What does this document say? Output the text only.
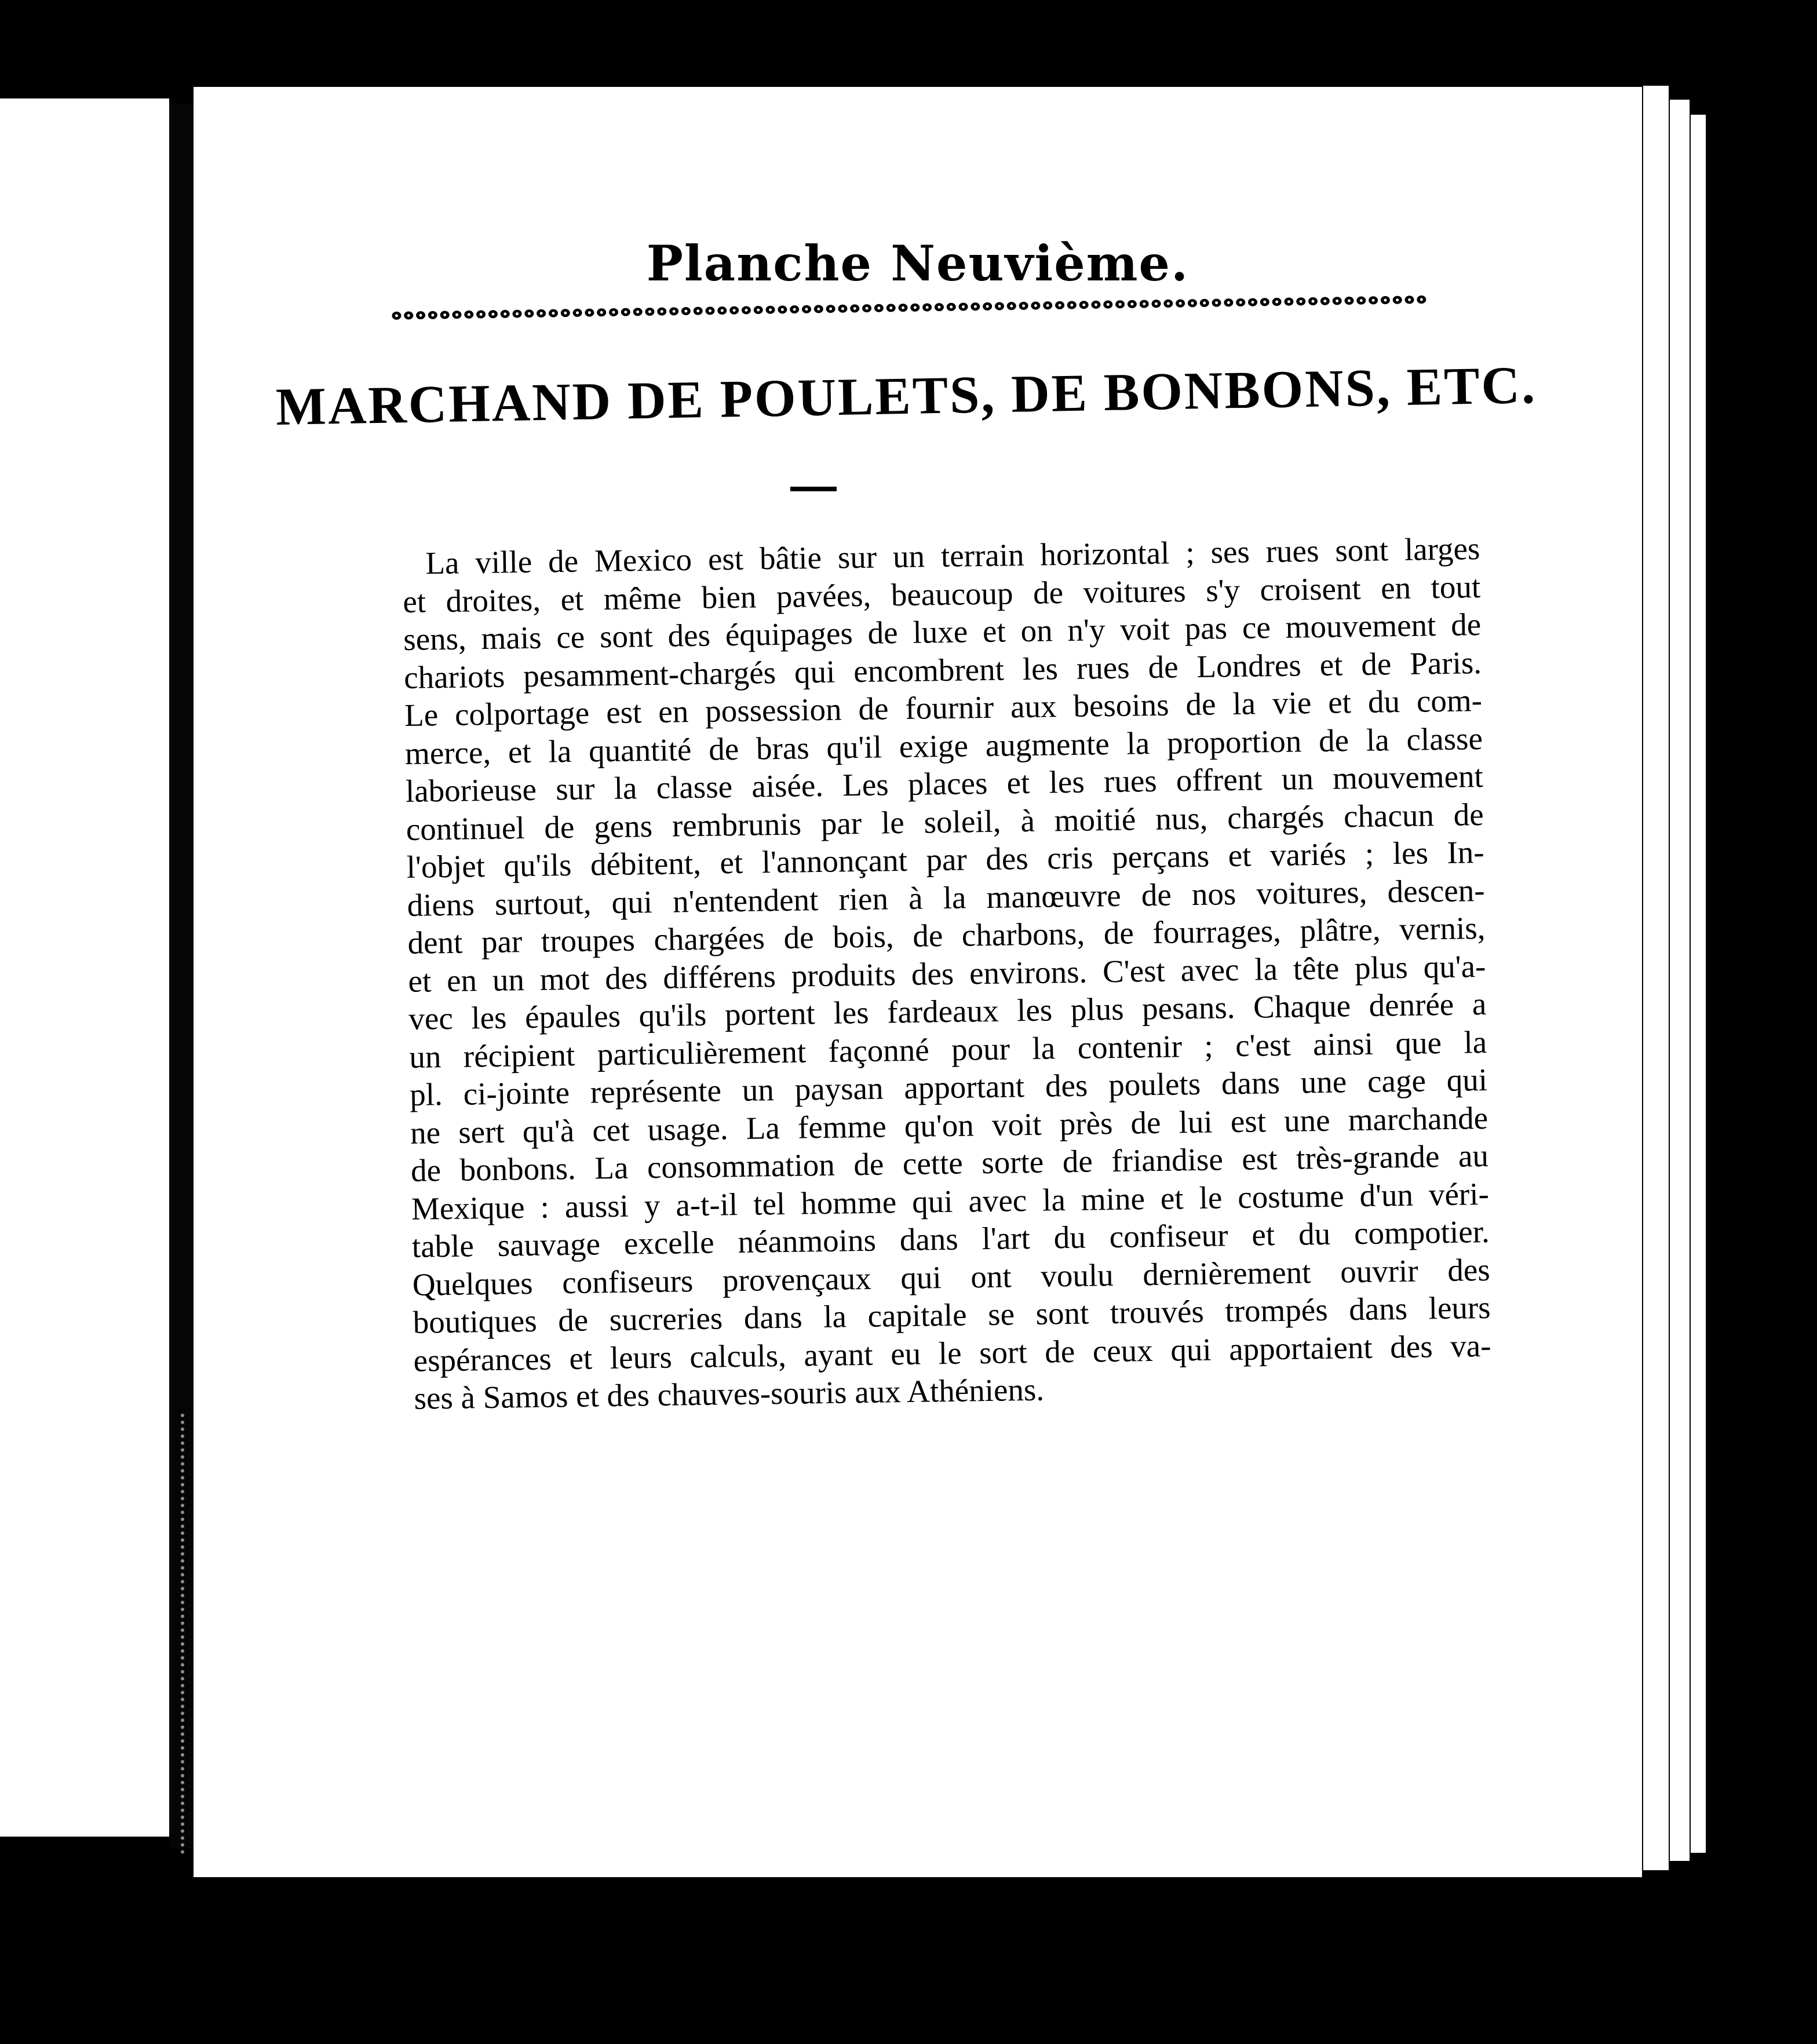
Planche Neuvième.
MARCHAND DE POULETS, DE BONBONS, ETC.
La ville de Mexico est bâtie sur un terrain horizontal ; ses rues sont larges
et droites, et même bien pavées, beaucoup de voitures s'y croisent en tout
sens, mais ce sont des équipages de luxe et on n'y voit pas ce mouvement de
chariots pesamment-chargés qui encombrent les rues de Londres et de Paris.
Le colportage est en possession de fournir aux besoins de la vie et du com-
merce, et la quantité de bras qu'il exige augmente la proportion de la classe
laborieuse sur la classe aisée. Les places et les rues offrent un mouvement
continuel de gens rembrunis par le soleil, à moitié nus, chargés chacun de
l'objet qu'ils débitent, et l'annonçant par des cris perçans et variés ; les In-
diens surtout, qui n'entendent rien à la manœuvre de nos voitures, descen-
dent par troupes chargées de bois, de charbons, de fourrages, plâtre, vernis,
et en un mot des différens produits des environs. C'est avec la tête plus qu'a-
vec les épaules qu'ils portent les fardeaux les plus pesans. Chaque denrée a
un récipient particulièrement façonné pour la contenir ; c'est ainsi que la
pl. ci-jointe représente un paysan apportant des poulets dans une cage qui
ne sert qu'à cet usage. La femme qu'on voit près de lui est une marchande
de bonbons. La consommation de cette sorte de friandise est très-grande au
Mexique : aussi y a-t-il tel homme qui avec la mine et le costume d'un véri-
table sauvage excelle néanmoins dans l'art du confiseur et du compotier.
Quelques confiseurs provençaux qui ont voulu dernièrement ouvrir des
boutiques de sucreries dans la capitale se sont trouvés trompés dans leurs
espérances et leurs calculs, ayant eu le sort de ceux qui apportaient des va-
ses à Samos et des chauves-souris aux Athéniens.
